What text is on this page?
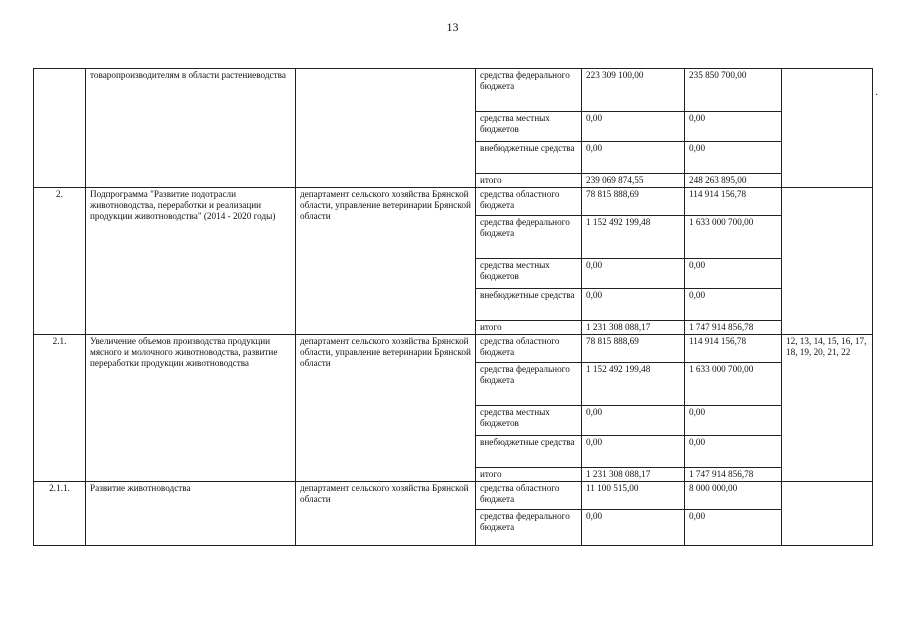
13
·
	товаропроизводителям в области растениеводства		средства федерального бюджета	223 309 100,00	235 850 700,00	
			средства местных бюджетов	0,00	0,00	
			внебюджетные средства	0,00	0,00	
			итого	239 069 874,55	248 263 895,00	
2.	Подпрограмма "Развитие подотрасли животноводства, переработки и реализации продукции животноводства" (2014 - 2020 годы)	департамент сельского хозяйства Брянской области, управление ветеринарии Брянской области	средства областного бюджета	78 815 888,69	114 914 156,78	
			средства федерального бюджета	1 152 492 199,48	1 633 000 700,00	
			средства местных бюджетов	0,00	0,00	
			внебюджетные средства	0,00	0,00	
			итого	1 231 308 088,17	1 747 914 856,78	
2.1.	Увеличение объемов производства продукции мясного и молочного животноводства, развитие переработки продукции животноводства	департамент сельского хозяйства Брянской области, управление ветеринарии Брянской области	средства областного бюджета	78 815 888,69	114 914 156,78	12, 13, 14, 15, 16, 17, 18, 19, 20, 21, 22
			средства федерального бюджета	1 152 492 199,48	1 633 000 700,00	
			средства местных бюджетов	0,00	0,00	
			внебюджетные средства	0,00	0,00	
			итого	1 231 308 088,17	1 747 914 856,78	
2.1.1.	Развитие животноводства	департамент сельского хозяйства Брянской области	средства областного бюджета	11 100 515,00	8 000 000,00	
			средства федерального бюджета	0,00	0,00	
